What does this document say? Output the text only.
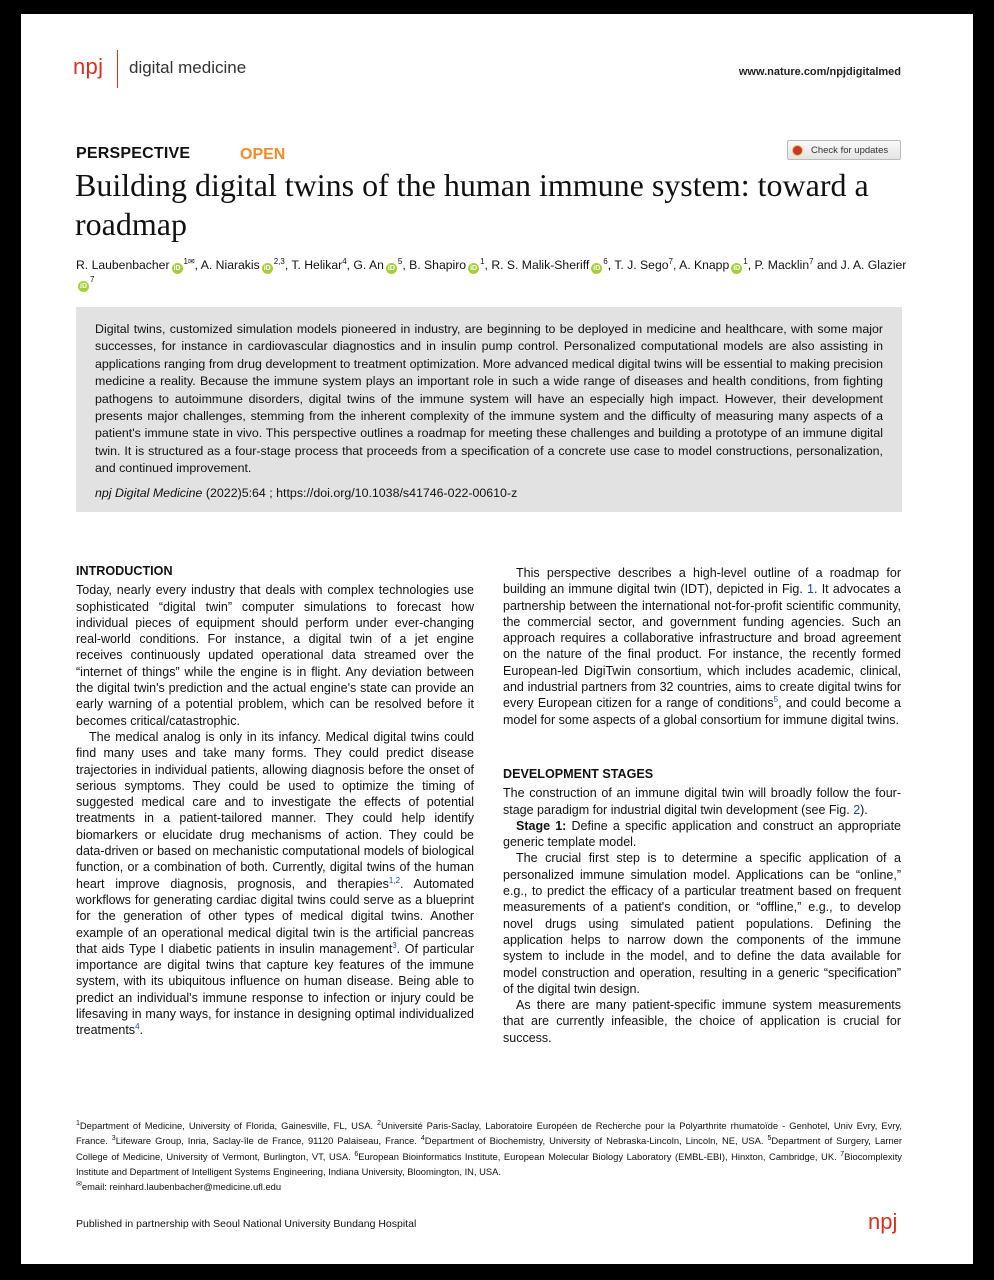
npj digital medicine	www.nature.com/npjdigitalmed
PERSPECTIVE	OPEN	Check for updates
Building digital twins of the human immune system: toward a roadmap
R. Laubenbacher $iD^{1✉}$, A. Niarakis iD$^{2,3}$, T. Helikar$^4$, G. An $iD^5$, B. Shapiro $iD^1$, R. S. Malik-Sheriff $iD^6$, T. J. Sego$^7$, A. Knapp $iD^1$, P. Macklin$^7$ and J. A. GlazieriD$^7$
Digital twins, customized simulation models pioneered in industry, are beginning to be deployed in medicine and healthcare, with some major successes, for instance in cardiovascular diagnostics and in insulin pump control. Personalized computational models are also assisting in applications ranging from drug development to treatment optimization. More advanced medical digital twins will be essential to making precision medicine a reality. Because the immune system plays an important role in such a wide range of diseases and health conditions, from fighting pathogens to autoimmune disorders, digital twins of the immune system will have an especially high impact. However, their development presents major challenges, stemming from the inherent complexity of the immune system and the difficulty of measuring many aspects of a patient's immune state in vivo. This perspective outlines a roadmap for meeting these challenges and building a prototype of an immune digital twin. It is structured as a four-stage process that proceeds from a specification of a concrete use case to model constructions, personalization, and continued improvement.
npj Digital Medicine (2022)5:64 ; https://doi.org/10.1038/s41746-022-00610-z
INTRODUCTION

Today, nearly every industry that deals with complex technologies use sophisticated “digital twin” computer simulations to forecast how individual pieces of equipment should perform under ever-changing real-world conditions. For instance, a digital twin of a jet engine receives continuously updated operational data streamed over the “internet of things” while the engine is in flight. Any deviation between the digital twin's prediction and the actual engine's state can provide an early warning of a potential problem, which can be resolved before it becomes critical/catastrophic.

The medical analog is only in its infancy. Medical digital twins could find many uses and take many forms. They could predict disease trajectories in individual patients, allowing diagnosis before the onset of serious symptoms. They could be used to optimize the timing of suggested medical care and to investigate the effects of potential treatments in a patient-tailored manner. They could help identify biomarkers or elucidate drug mechanisms of action. They could be data-driven or based on mechanistic computational models of biological function, or a combination of both. Currently, digital twins of the human heart improve diagnosis, prognosis, and therapies$^{1,2}$. Automated workflows for generating cardiac digital twins could serve as a blueprint for the generation of other types of medical digital twins. Another example of an operational medical digital twin is the artificial pancreas that aids Type I diabetic patients in insulin management$^3$. Of particular importance are digital twins that capture key features of the immune system, with its ubiquitous influence on human disease. Being able to predict an individual's immune response to infection or injury could be lifesaving in many ways, for instance in designing optimal individualized treatments$^4$.

This perspective describes a high-level outline of a roadmap for building an immune digital twin (IDT), depicted in Fig. 1. It advocates a partnership between the international not-for-profit scientific community, the commercial sector, and government funding agencies. Such an approach requires a collaborative infrastructure and broad agreement on the nature of the final product. For instance, the recently formed European-led DigiTwin consortium, which includes academic, clinical, and industrial partners from 32 countries, aims to create digital twins for every European citizen for a range of conditions$^5$, and could become a model for some aspects of a global consortium for immune digital twins.

DEVELOPMENT STAGES

The construction of an immune digital twin will broadly follow the four-stage paradigm for industrial digital twin development (see Fig. 2).

Stage 1: Define a specific application and construct an appropriate generic template model.

The crucial first step is to determine a specific application of a personalized immune simulation model. Applications can be “online,” e.g., to predict the efficacy of a particular treatment based on frequent measurements of a patient's condition, or “offline,” e.g., to develop novel drugs using simulated patient populations. Defining the application helps to narrow down the components of the immune system to include in the model, and to define the data available for model construction and operation, resulting in a generic “specification” of the digital twin design.

As there are many patient-specific immune system measurements that are currently infeasible, the choice of application is crucial for success.

$^1$Department of Medicine, University of Florida, Gainesville, FL, USA. $^2$Université Paris-Saclay, Laboratoire Européen de Recherche pour la Polyarthrite rhumatoïde - Genhotel, Univ Evry, Evry, France. $^3$Lifeware Group, Inria, Saclay-île de France, 91120 Palaiseau, France. $^4$Department of Biochemistry, University of Nebraska-Lincoln, Lincoln, NE, USA. $^5$Department of Surgery, Larner College of Medicine, University of Vermont, Burlington, VT, USA. $^6$European Bioinformatics Institute, European Molecular Biology Laboratory (EMBL-EBI), Hinxton, Cambridge, UK. $^7$Biocomplexity Institute and Department of Intelligent Systems Engineering, Indiana University, Bloomington, IN, USA.
✉email: reinhard.laubenbacher@medicine.ufl.edu
Published in partnership with Seoul National University Bundang Hospital	npj
